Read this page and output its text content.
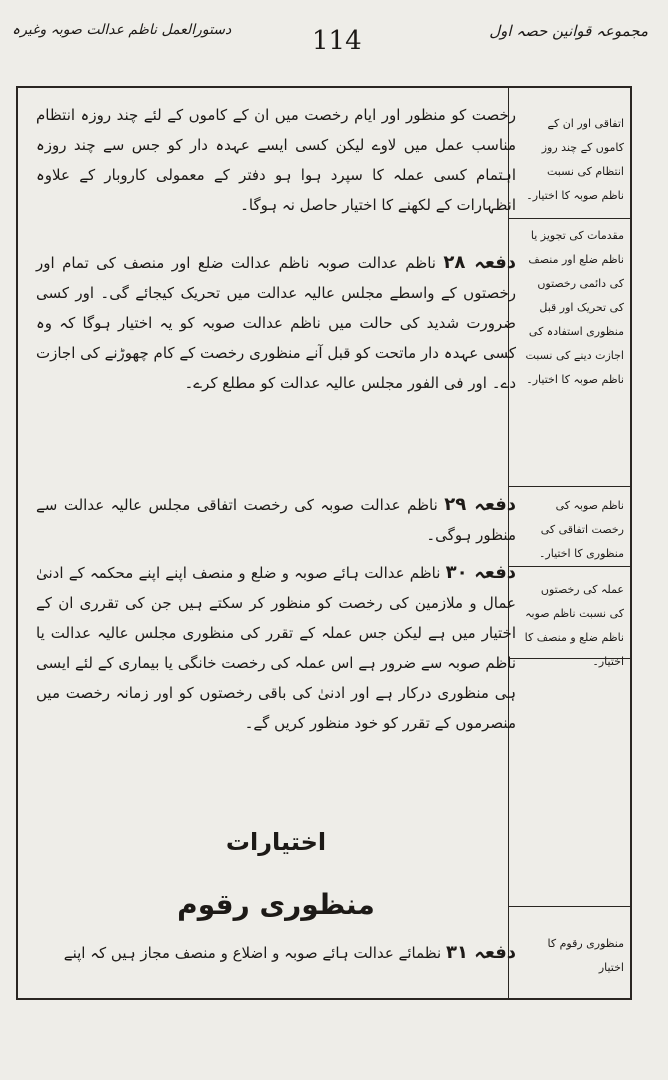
دستورالعمل ناظم عدالت صوبہ وغیرہ	114	مجموعہ قوانین حصہ اول
اتفاقی اور ان کے کاموں کے چند روز انتظام کی نسبت ناظم صوبہ کا اختیار۔
رخصت کو منظور اور ایام رخصت میں ان کے کاموں کے لئے چند روزہ انتظام مناسب عمل میں لاوے لیکن کسی ایسے عہدہ دار کو جس سے چند روزہ اہتمام کسی عملہ کا سپرد ہوا ہو دفتر کے معمولی کاروبار کے علاوہ انظہارات کے لکھنے کا اختیار حاصل نہ ہوگا۔
مقدمات کی تجویز یا ناظم ضلع اور منصف کی دائمی رخصتوں کی تحریک اور قبل منظوری استفادہ کی اجازت دینے کی نسبت ناظم صوبہ کا اختیار۔
دفعہ ۲۸ ناظم عدالت صوبہ ناظم عدالت ضلع اور منصف کی تمام اور رخصتوں کے واسطے مجلس عالیہ عدالت میں تحریک کیجائے گی۔ اور کسی ضرورت شدید کی حالت میں ناظم عدالت صوبہ کو یہ اختیار ہوگا کہ وہ کسی عہدہ دار ماتحت کو قبل آنے منظوری رخصت کے کام چھوڑنے کی اجازت دے۔ اور فی الفور مجلس عالیہ عدالت کو مطلع کرے۔
ناظم صوبہ کی رخصت اتفاقی کی منظوری کا اختیار۔
دفعہ ۲۹ ناظم عدالت صوبہ کی رخصت اتفاقی مجلس عالیہ عدالت سے منظور ہوگی۔
عملہ کی رخصتوں کی نسبت ناظم صوبہ ناظم ضلع و منصف کا اختیار۔
دفعہ ۳۰ ناظم عدالت ہائے صوبہ و ضلع و منصف اپنے اپنے محکمہ کے ادنیٰ عمال و ملازمین کی رخصت کو منظور کر سکتے ہیں جن کی تقرری ان کے اختیار میں ہے لیکن جس عملہ کے تقرر کی منظوری مجلس عالیہ عدالت یا ناظم صوبہ سے ضرور ہے اس عملہ کی رخصت خانگی یا بیماری کے لئے ایسی ہی منظوری درکار ہے اور ادنیٰ کی باقی رخصتوں کو اور زمانہ رخصت میں منصرموں کے تقرر کو خود منظور کریں گے۔
اختیارات
منظوری رقوم
منظوری رقوم کا اختیار
دفعہ ۳۱ نظمائے عدالت ہائے صوبہ و اضلاع و منصف مجاز ہیں کہ اپنے
